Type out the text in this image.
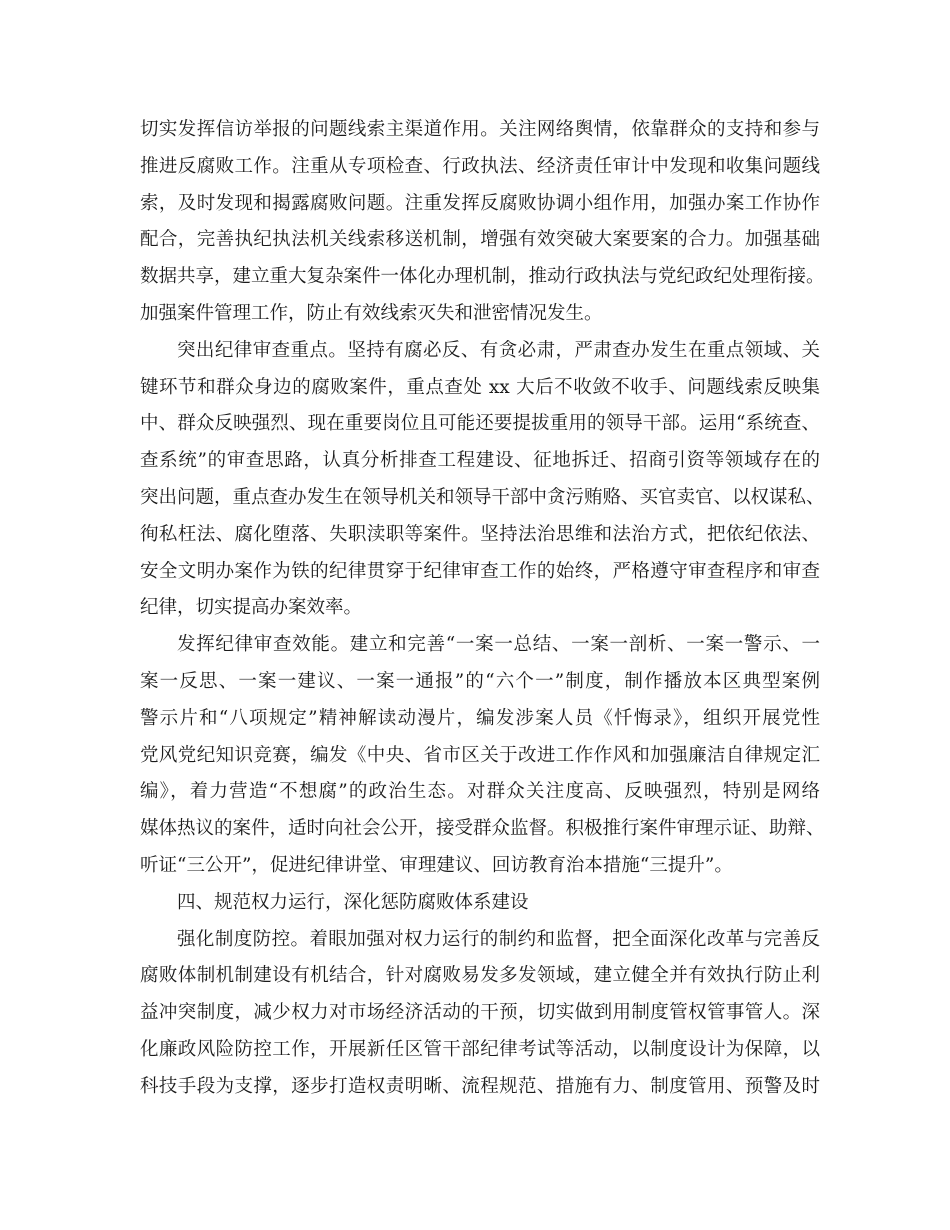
切实发挥信访举报的问题线索主渠道作用。关注网络舆情，依靠群众的支持和参与
推进反腐败工作。注重从专项检查、行政执法、经济责任审计中发现和收集问题线
索，及时发现和揭露腐败问题。注重发挥反腐败协调小组作用，加强办案工作协作
配合，完善执纪执法机关线索移送机制，增强有效突破大案要案的合力。加强基础
数据共享，建立重大复杂案件一体化办理机制，推动行政执法与党纪政纪处理衔接。
加强案件管理工作，防止有效线索灭失和泄密情况发生。
突出纪律审查重点。坚持有腐必反、有贪必肃，严肃查办发生在重点领域、关
键环节和群众身边的腐败案件，重点查处 xx 大后不收敛不收手、问题线索反映集
中、群众反映强烈、现在重要岗位且可能还要提拔重用的领导干部。运用“系统查、
查系统”的审查思路，认真分析排查工程建设、征地拆迁、招商引资等领域存在的
突出问题，重点查办发生在领导机关和领导干部中贪污贿赂、买官卖官、以权谋私、
徇私枉法、腐化堕落、失职渎职等案件。坚持法治思维和法治方式，把依纪依法、
安全文明办案作为铁的纪律贯穿于纪律审查工作的始终，严格遵守审查程序和审查
纪律，切实提高办案效率。
发挥纪律审查效能。建立和完善“一案一总结、一案一剖析、一案一警示、一
案一反思、一案一建议、一案一通报”的“六个一”制度，制作播放本区典型案例
警示片和“八项规定”精神解读动漫片，编发涉案人员《忏悔录》，组织开展党性
党风党纪知识竞赛，编发《中央、省市区关于改进工作作风和加强廉洁自律规定汇
编》，着力营造“不想腐”的政治生态。对群众关注度高、反映强烈，特别是网络
媒体热议的案件，适时向社会公开，接受群众监督。积极推行案件审理示证、助辩、
听证“三公开”，促进纪律讲堂、审理建议、回访教育治本措施“三提升”。
四、规范权力运行，深化惩防腐败体系建设
强化制度防控。着眼加强对权力运行的制约和监督，把全面深化改革与完善反
腐败体制机制建设有机结合，针对腐败易发多发领域，建立健全并有效执行防止利
益冲突制度，减少权力对市场经济活动的干预，切实做到用制度管权管事管人。深
化廉政风险防控工作，开展新任区管干部纪律考试等活动，以制度设计为保障，以
科技手段为支撑，逐步打造权责明晰、流程规范、措施有力、制度管用、预警及时
